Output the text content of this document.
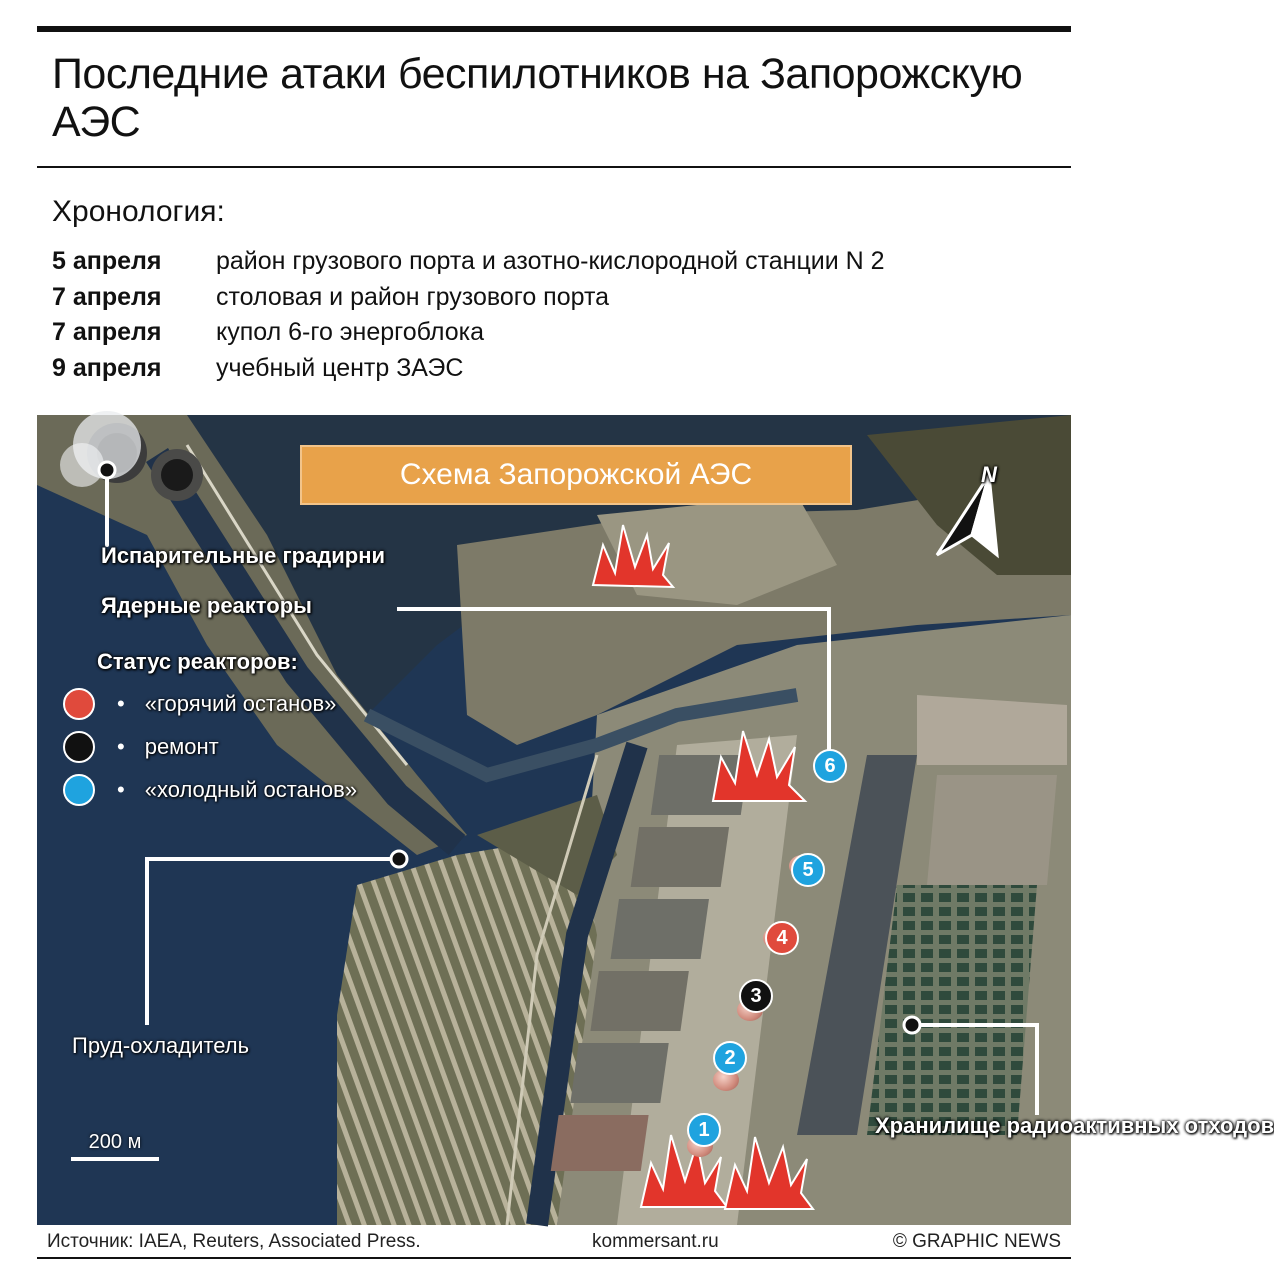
Последние атаки беспилотников на Запорожскую АЭС
Хронология:
5 апреля	район грузового порта и азотно-кислородной станции N 2
7 апреля	столовая и район грузового порта
7 апреля	купол 6-го энергоблока
9 апреля	учебный центр ЗАЭС
Схема Запорожской АЭС
Испарительные градирни
Ядерные реакторы
Статус реакторов:
• «горячий останов»
• ремонт
• «холодный останов»
Пруд-охладитель
N
6
5
4
3
2
1	Хранилище радиоактивных отходов
200 м
Источник: IAEA, Reuters, Associated Press.	kommersant.ru	© GRAPHIC NEWS
